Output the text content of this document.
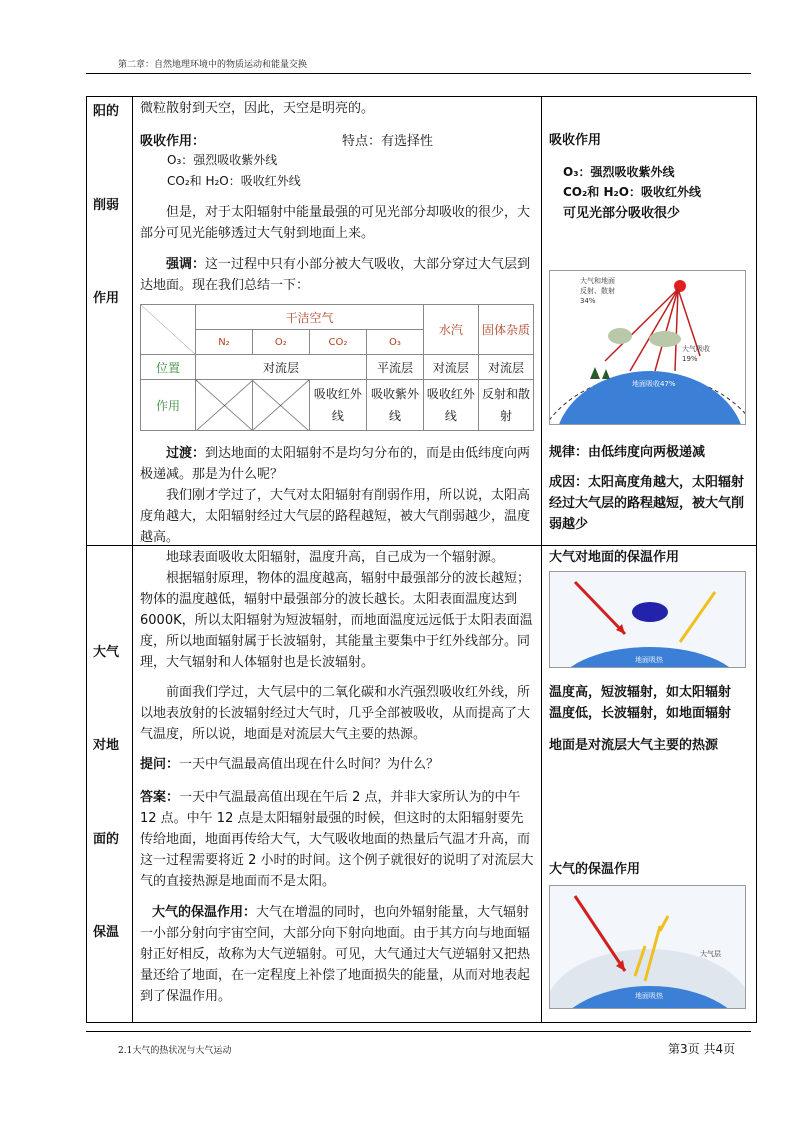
第二章：自然地理环境中的物质运动和能量交换
阳的
削弱
作用
微粒散射到天空，因此，天空是明亮的。
吸收作用：	特点：有选择性
O₃：强烈吸收紫外线
CO₂和 H₂O：吸收红外线
但是，对于太阳辐射中能量最强的可见光部分却吸收的很少，大部分可见光能够透过大气射到地面上来。
强调：这一过程中只有小部分被大气吸收，大部分穿过大气层到达地面。现在我们总结一下：
	干洁空气				水汽	固体杂质
	N₂	O₂	CO₂	O₃		
位置	对流层			平流层	对流层	对流层
作用			吸收红外线	吸收紫外线	吸收红外线	反射和散射
过渡：到达地面的太阳辐射不是均匀分布的，而是由低纬度向两极递减。那是为什么呢？
我们刚才学过了，大气对太阳辐射有削弱作用，所以说，太阳高度角越大，太阳辐射经过大气层的路程越短，被大气削弱越少，温度越高。
吸收作用
O₃：强烈吸收紫外线
CO₂和 H₂O：吸收红外线
可见光部分吸收很少
大气和地面
反射、散射
34%
大气吸收
19%
地面吸收47%
规律：由低纬度向两极递减
成因：太阳高度角越大，太阳辐射经过大气层的路程越短，被大气削弱越少
大气
对地
面的
保温
地球表面吸收太阳辐射，温度升高，自己成为一个辐射源。
根据辐射原理，物体的温度越高，辐射中最强部分的波长越短；物体的温度越低，辐射中最强部分的波长越长。太阳表面温度达到 6000K，所以太阳辐射为短波辐射，而地面温度远远低于太阳表面温度，所以地面辐射属于长波辐射，其能量主要集中于红外线部分。同理，大气辐射和人体辐射也是长波辐射。
前面我们学过，大气层中的二氧化碳和水汽强烈吸收红外线，所以地表放射的长波辐射经过大气时，几乎全部被吸收，从而提高了大气温度，所以说，地面是对流层大气主要的热源。
提问：一天中气温最高值出现在什么时间？为什么？
答案：一天中气温最高值出现在午后 2 点，并非大家所认为的中午 12 点。中午 12 点是太阳辐射最强的时候，但这时的太阳辐射要先传给地面，地面再传给大气，大气吸收地面的热量后气温才升高，而这一过程需要将近 2 小时的时间。这个例子就很好的说明了对流层大气的直接热源是地面而不是太阳。
大气的保温作用：大气在增温的同时，也向外辐射能量，大气辐射一小部分射向宇宙空间，大部分向下射向地面。由于其方向与地面辐射正好相反，故称为大气逆辐射。可见，大气通过大气逆辐射又把热量还给了地面，在一定程度上补偿了地面损失的能量，从而对地表起到了保温作用。
大气对地面的保温作用
地面吸热
温度高，短波辐射，如太阳辐射
温度低，长波辐射，如地面辐射
地面是对流层大气主要的热源
大气的保温作用
地面吸热
大气层
2.1大气的热状况与大气运动	第3页 共4页
